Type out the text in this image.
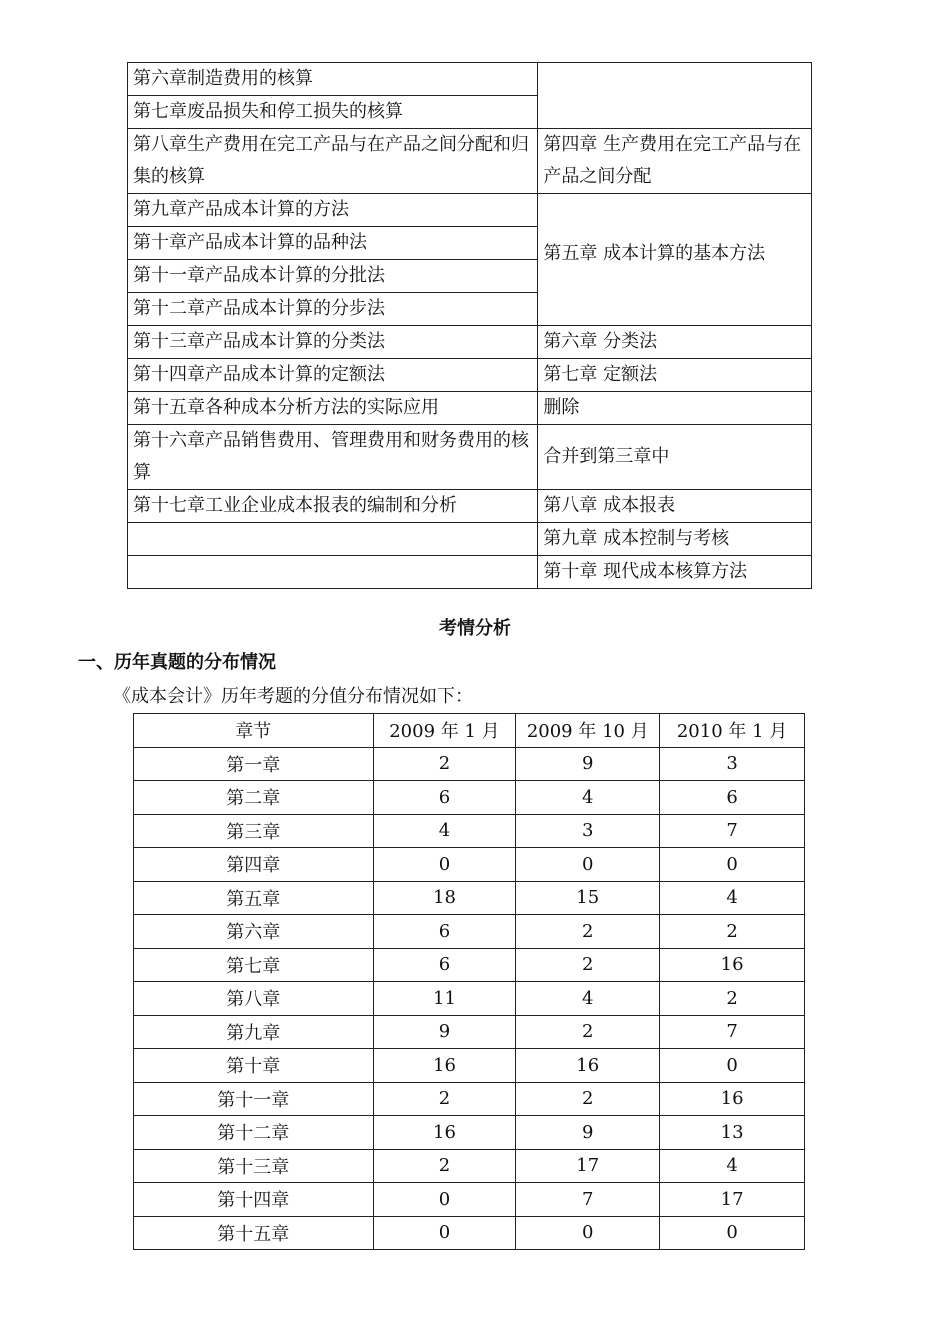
第六章制造费用的核算	
第七章废品损失和停工损失的核算	
第八章生产费用在完工产品与在产品之间分配和归集的核算	第四章 生产费用在完工产品与在产品之间分配
第九章产品成本计算的方法	第五章 成本计算的基本方法
第十章产品成本计算的品种法	
第十一章产品成本计算的分批法	
第十二章产品成本计算的分步法	
第十三章产品成本计算的分类法	第六章 分类法
第十四章产品成本计算的定额法	第七章 定额法
第十五章各种成本分析方法的实际应用	删除
第十六章产品销售费用、管理费用和财务费用的核算	合并到第三章中
第十七章工业企业成本报表的编制和分析	第八章 成本报表
	第九章 成本控制与考核
	第十章 现代成本核算方法
考情分析
一、历年真题的分布情况
《成本会计》历年考题的分值分布情况如下：
章节	2009 年 1 月	2009 年 10 月	2010 年 1 月
第一章	2	9	3
第二章	6	4	6
第三章	4	3	7
第四章	0	0	0
第五章	18	15	4
第六章	6	2	2
第七章	6	2	16
第八章	11	4	2
第九章	9	2	7
第十章	16	16	0
第十一章	2	2	16
第十二章	16	9	13
第十三章	2	17	4
第十四章	0	7	17
第十五章	0	0	0
